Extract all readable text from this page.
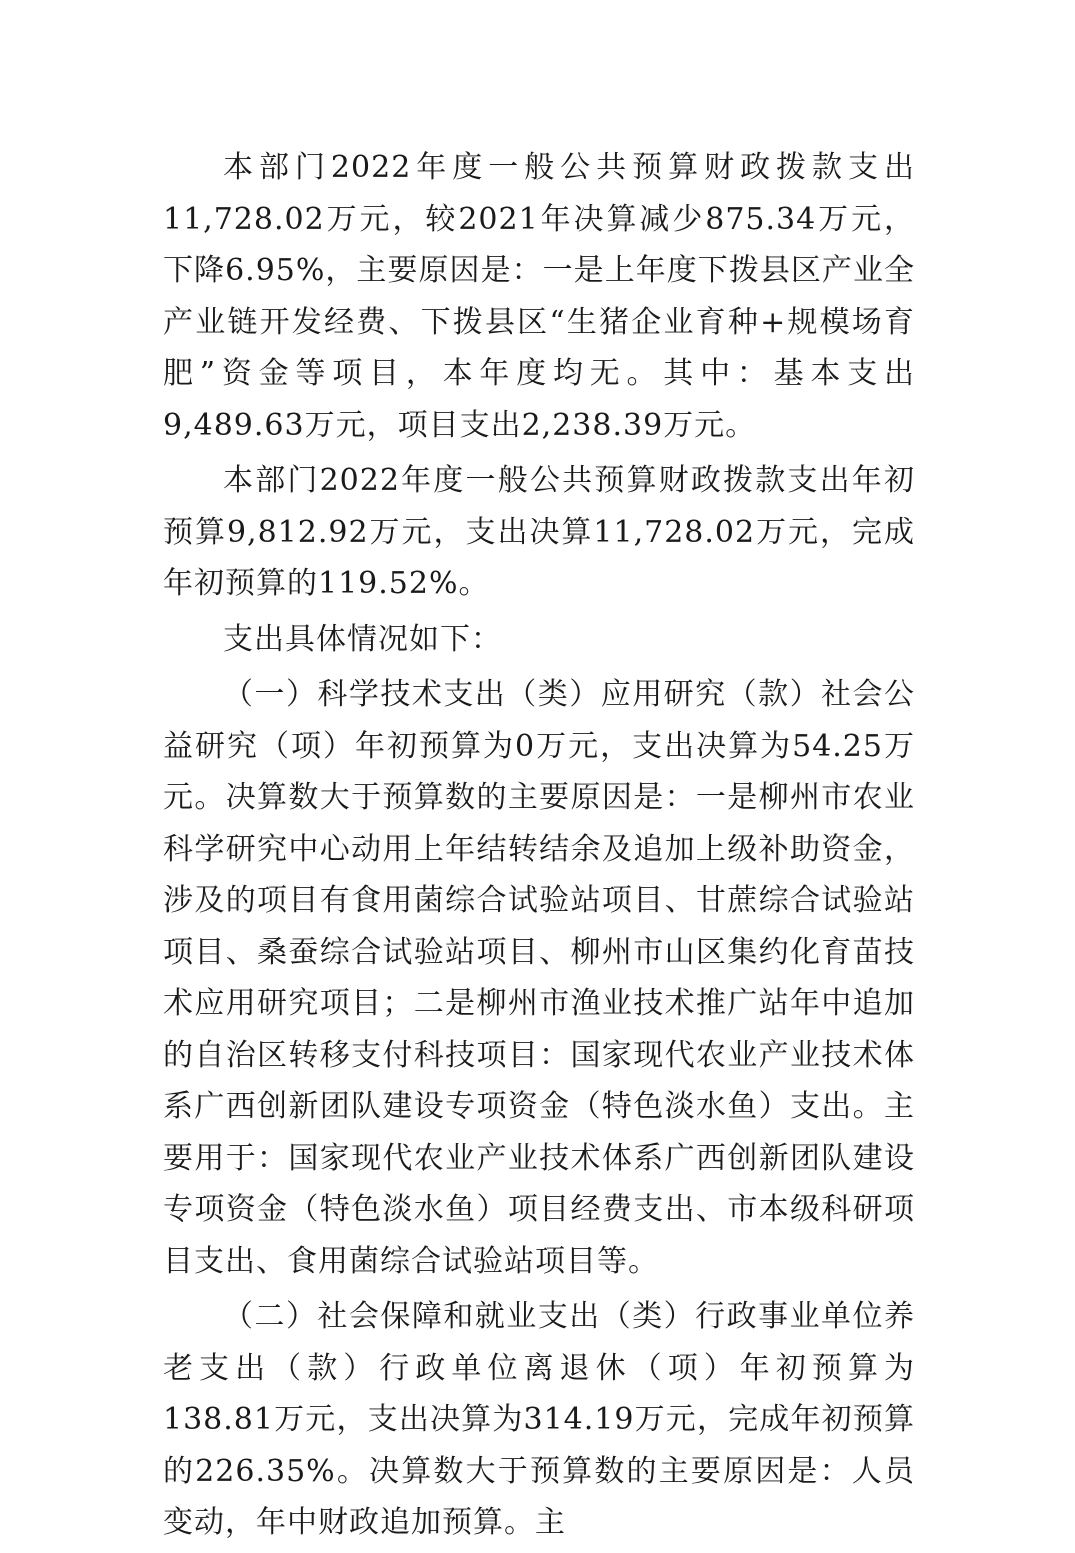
本部门2022年度一般公共预算财政拨款支出11,728.02万元，较2021年决算减少875.34万元，下降6.95%，主要原因是：一是上年度下拨县区产业全产业链开发经费、下拨县区“生猪企业育种+规模场育肥”资金等项目，本年度均无。其中：基本支出9,489.63万元，项目支出2,238.39万元。

本部门2022年度一般公共预算财政拨款支出年初预算9,812.92万元，支出决算11,728.02万元，完成年初预算的119.52%。

支出具体情况如下：

（一）科学技术支出（类）应用研究（款）社会公益研究（项）年初预算为0万元，支出决算为54.25万元。决算数大于预算数的主要原因是：一是柳州市农业科学研究中心动用上年结转结余及追加上级补助资金，涉及的项目有食用菌综合试验站项目、甘蔗综合试验站项目、桑蚕综合试验站项目、柳州市山区集约化育苗技术应用研究项目；二是柳州市渔业技术推广站年中追加的自治区转移支付科技项目：国家现代农业产业技术体系广西创新团队建设专项资金（特色淡水鱼）支出。主要用于：国家现代农业产业技术体系广西创新团队建设专项资金（特色淡水鱼）项目经费支出、市本级科研项目支出、食用菌综合试验站项目等。

（二）社会保障和就业支出（类）行政事业单位养老支出（款）行政单位离退休（项）年初预算为138.81万元，支出决算为314.19万元，完成年初预算的226.35%。决算数大于预算数的主要原因是：人员变动，年中财政追加预算。主
